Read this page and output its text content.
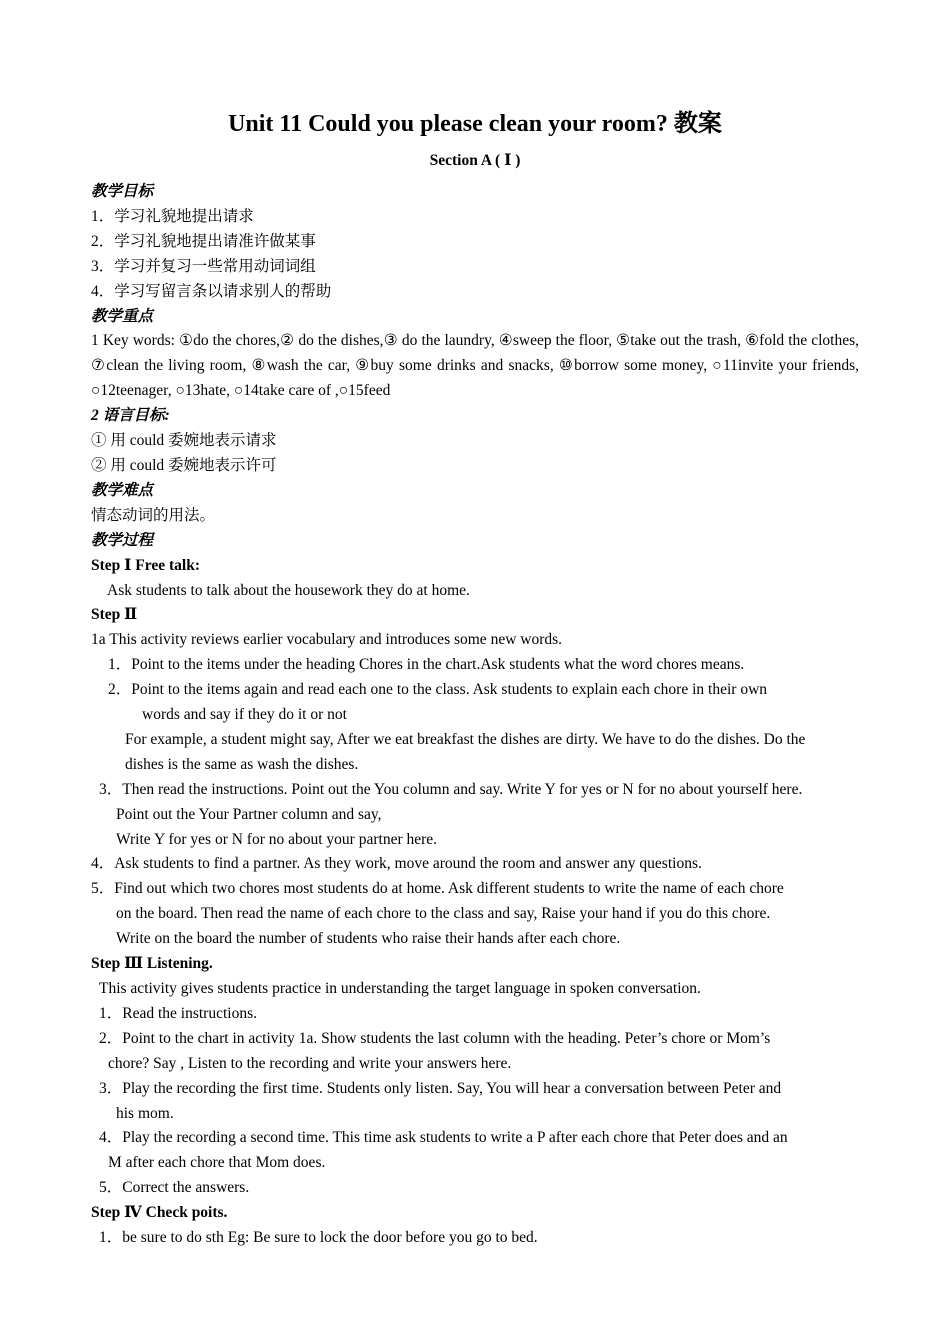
Unit 11 Could you please clean your room? 教案
Section A ( Ⅰ )
教学目标
1．学习礼貌地提出请求
2．学习礼貌地提出请准许做某事
3．学习并复习一些常用动词词组
4．学习写留言条以请求别人的帮助
教学重点
1 Key words: ①do the chores,② do the dishes,③ do the laundry, ④sweep the floor, ⑤take out the trash, ⑥fold the clothes, ⑦clean the living room, ⑧wash the car, ⑨buy some drinks and snacks, ⑩borrow some money, ○11invite your friends, ○12teenager, ○13hate, ○14take care of ,○15feed
2 语言目标:
① 用 could 委婉地表示请求
② 用 could 委婉地表示许可
教学难点
情态动词的用法。
教学过程
Step Ⅰ Free talk:
Ask students to talk about the housework they do at home.
Step Ⅱ
1a This activity reviews earlier vocabulary and introduces some new words.
1．Point to the items under the heading Chores in the chart.Ask students what the word chores means.
2．Point to the items again and read each one to the class. Ask students to explain each chore in their own
words and say if they do it or not
For example, a student might say, After we eat breakfast the dishes are dirty. We have to do the dishes. Do the
dishes is the same as wash the dishes.
3．Then read the instructions. Point out the You column and say. Write Y for yes or N for no about yourself here.
Point out the Your Partner column and say,
Write Y for yes or N for no about your partner here.
4．Ask students to find a partner. As they work, move around the room and answer any questions.
5．Find out which two chores most students do at home. Ask different students to write the name of each chore
on the board. Then read the name of each chore to the class and say, Raise your hand if you do this chore.
Write on the board the number of students who raise their hands after each chore.
Step Ⅲ Listening.
This activity gives students practice in understanding the target language in spoken conversation.
1．Read the instructions.
2．Point to the chart in activity 1a. Show students the last column with the heading. Peter’s chore or Mom’s
chore? Say , Listen to the recording and write your answers here.
3．Play the recording the first time. Students only listen. Say, You will hear a conversation between Peter and
his mom.
4．Play the recording a second time. This time ask students to write a P after each chore that Peter does and an
M after each chore that Mom does.
5．Correct the answers.
Step Ⅳ Check poits.
1．be sure to do sth Eg: Be sure to lock the door before you go to bed.
